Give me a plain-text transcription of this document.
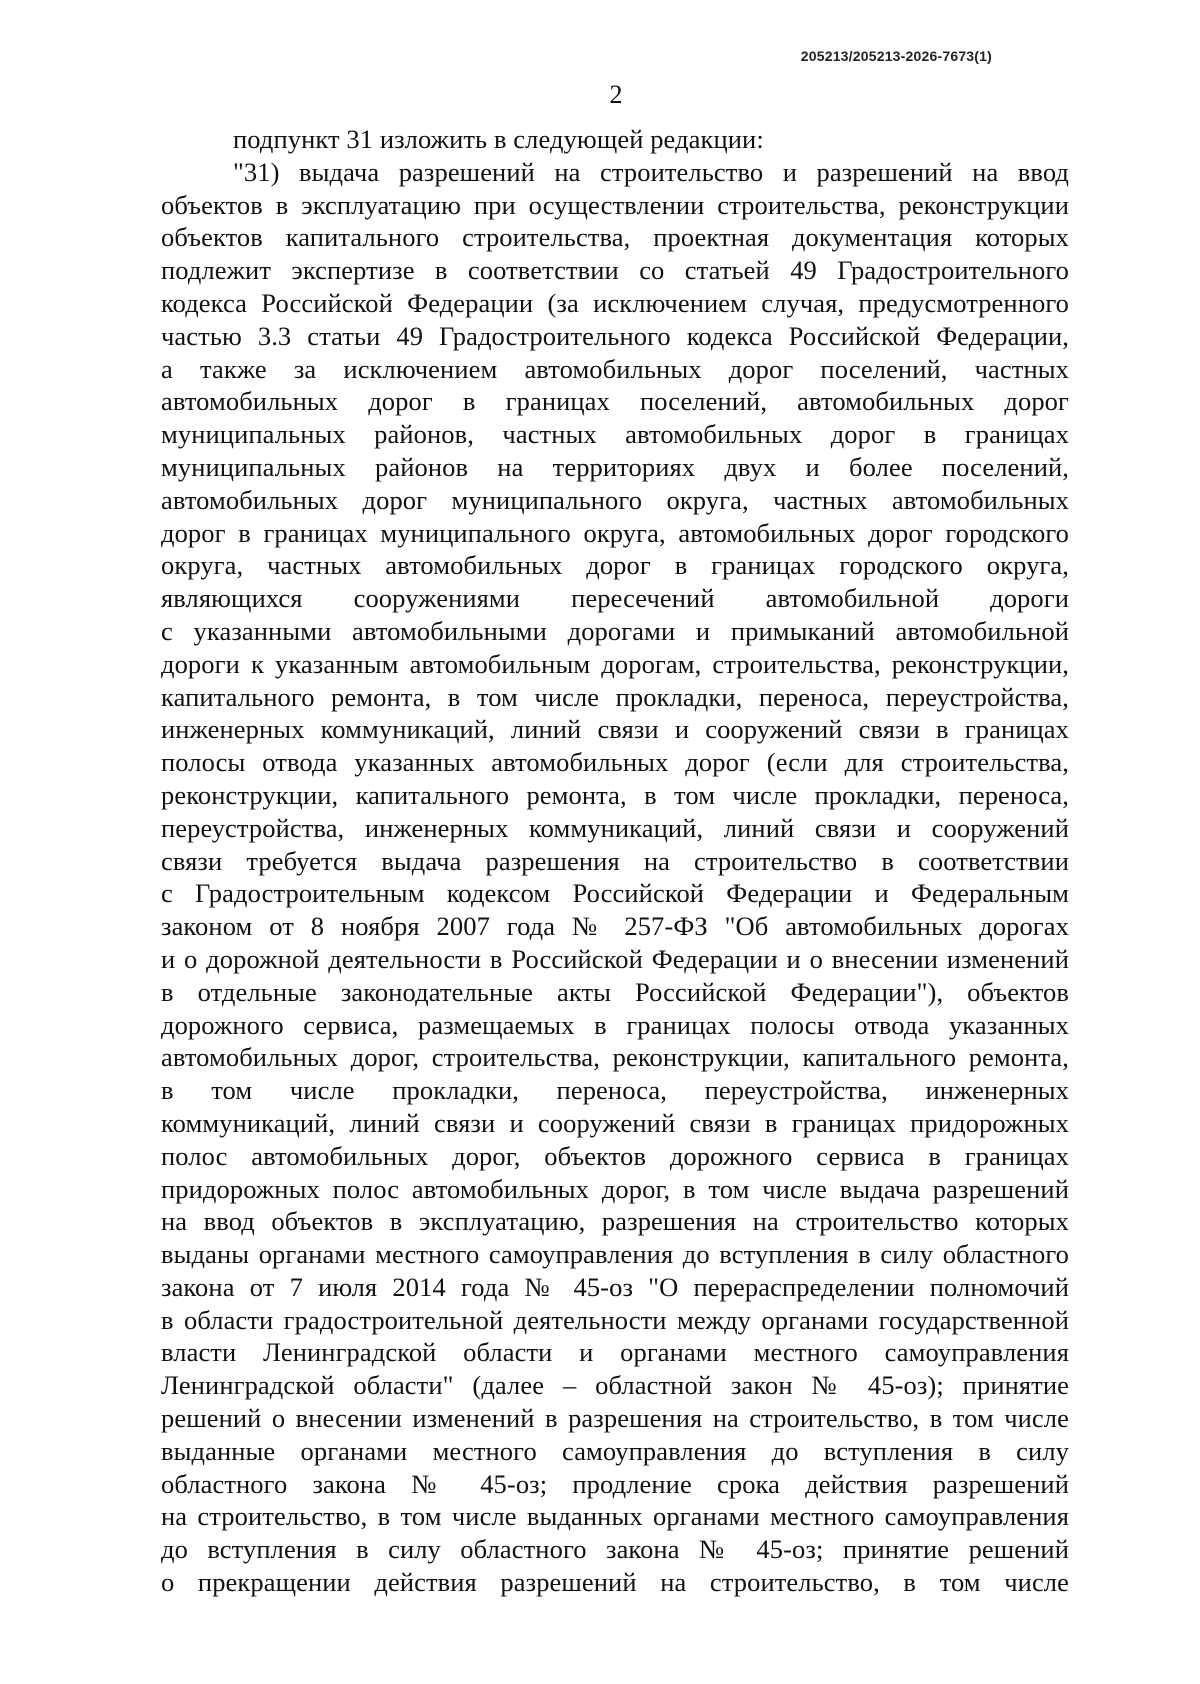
205213/205213-2026-7673(1)
2
подпункт 31 изложить в следующей редакции:
"31) выдача разрешений на строительство и разрешений на ввод
объектов в эксплуатацию при осуществлении строительства, реконструкции
объектов капитального строительства, проектная документация которых
подлежит экспертизе в соответствии со статьей 49 Градостроительного
кодекса Российской Федерации (за исключением случая, предусмотренного
частью 3.3 статьи 49 Градостроительного кодекса Российской Федерации,
а также за исключением автомобильных дорог поселений, частных
автомобильных дорог в границах поселений, автомобильных дорог
муниципальных районов, частных автомобильных дорог в границах
муниципальных районов на территориях двух и более поселений,
автомобильных дорог муниципального округа, частных автомобильных
дорог в границах муниципального округа, автомобильных дорог городского
округа, частных автомобильных дорог в границах городского округа,
являющихся сооружениями пересечений автомобильной дороги
с указанными автомобильными дорогами и примыканий автомобильной
дороги к указанным автомобильным дорогам, строительства, реконструкции,
капитального ремонта, в том числе прокладки, переноса, переустройства,
инженерных коммуникаций, линий связи и сооружений связи в границах
полосы отвода указанных автомобильных дорог (если для строительства,
реконструкции, капитального ремонта, в том числе прокладки, переноса,
переустройства, инженерных коммуникаций, линий связи и сооружений
связи требуется выдача разрешения на строительство в соответствии
с Градостроительным кодексом Российской Федерации и Федеральным
законом от 8 ноября 2007 года № 257-ФЗ "Об автомобильных дорогах
и о дорожной деятельности в Российской Федерации и о внесении изменений
в отдельные законодательные акты Российской Федерации"), объектов
дорожного сервиса, размещаемых в границах полосы отвода указанных
автомобильных дорог, строительства, реконструкции, капитального ремонта,
в том числе прокладки, переноса, переустройства, инженерных
коммуникаций, линий связи и сооружений связи в границах придорожных
полос автомобильных дорог, объектов дорожного сервиса в границах
придорожных полос автомобильных дорог, в том числе выдача разрешений
на ввод объектов в эксплуатацию, разрешения на строительство которых
выданы органами местного самоуправления до вступления в силу областного
закона от 7 июля 2014 года № 45-оз "О перераспределении полномочий
в области градостроительной деятельности между органами государственной
власти Ленинградской области и органами местного самоуправления
Ленинградской области" (далее – областной закон № 45-оз); принятие
решений о внесении изменений в разрешения на строительство, в том числе
выданные органами местного самоуправления до вступления в силу
областного закона № 45-оз; продление срока действия разрешений
на строительство, в том числе выданных органами местного самоуправления
до вступления в силу областного закона № 45-оз; принятие решений
о прекращении действия разрешений на строительство, в том числе
